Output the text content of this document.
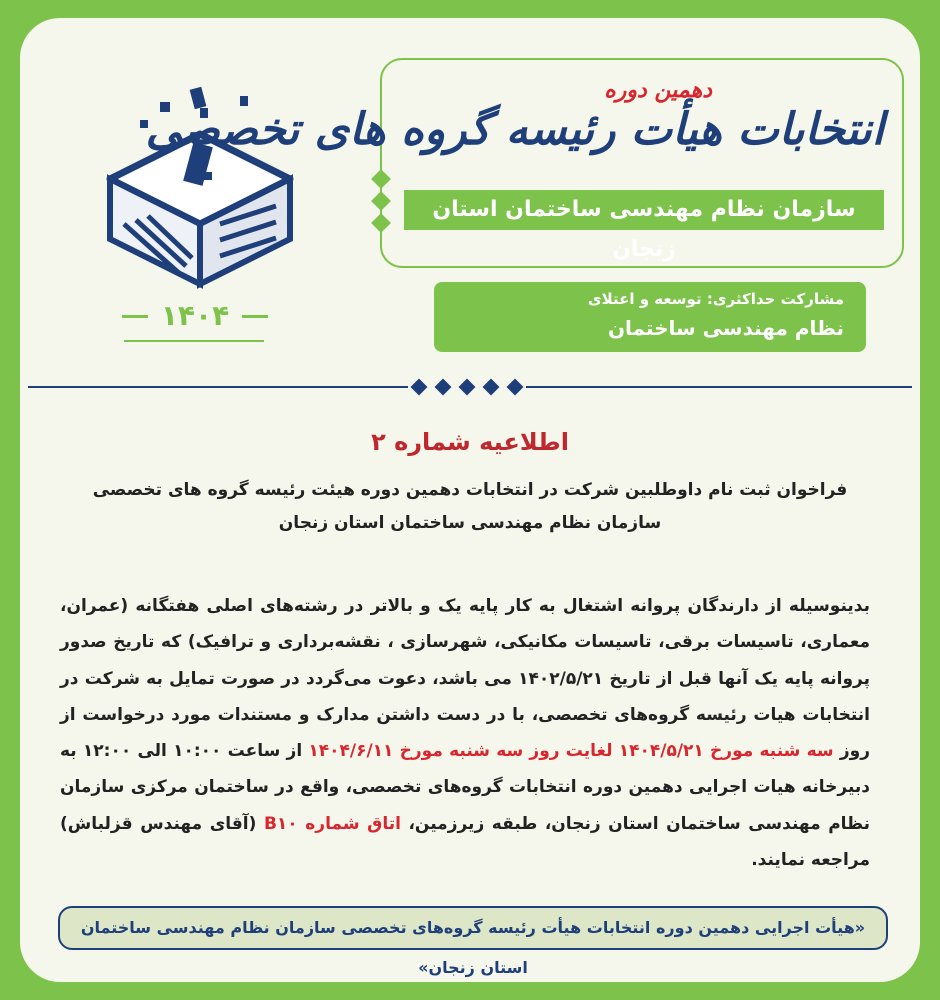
۱۴۰۴
دهمین دوره
انتخابات هیأت رئیسه گروه های تخصصی
سازمان نظام مهندسی ساختمان استان زنجان
مشارکت حداکثری: توسعه و اعتلای
نظام مهندسی ساختمان
اطلاعیه شماره ۲
فراخوان ثبت نام داوطلبین شرکت در انتخابات دهمین دوره هیئت رئیسه گروه های تخصصی سازمان نظام مهندسی ساختمان استان زنجان
بدینوسیله از دارندگان پروانه اشتغال به کار پایه یک و بالاتر در رشته‌های اصلی هفتگانه (عمران، معماری، تاسیسات برقی، تاسیسات مکانیکی، شهرسازی ، نقشه‌برداری و ترافیک) که تاریخ صدور پروانه پایه یک آنها قبل از تاریخ ۱۴۰۲/۵/۲۱ می باشد، دعوت می‌گردد در صورت تمایل به شرکت در انتخابات هیات رئیسه گروه‌های تخصصی، با در دست داشتن مدارک و مستندات مورد درخواست از روز سه شنبه مورخ ۱۴۰۴/۵/۲۱ لغایت روز سه شنبه مورخ ۱۴۰۴/۶/۱۱ از ساعت ۱۰:۰۰ الی ۱۲:۰۰ به دبیرخانه هیات اجرایی دهمین دوره انتخابات گروه‌های تخصصی، واقع در ساختمان مرکزی سازمان نظام مهندسی ساختمان استان زنجان، طبقه زیرزمین، اتاق شماره B۱۰ (آقای مهندس قزلباش) مراجعه نمایند.
«هیأت اجرایی دهمین دوره انتخابات هیأت رئیسه گروه‌های تخصصی سازمان نظام مهندسی ساختمان استان زنجان»
